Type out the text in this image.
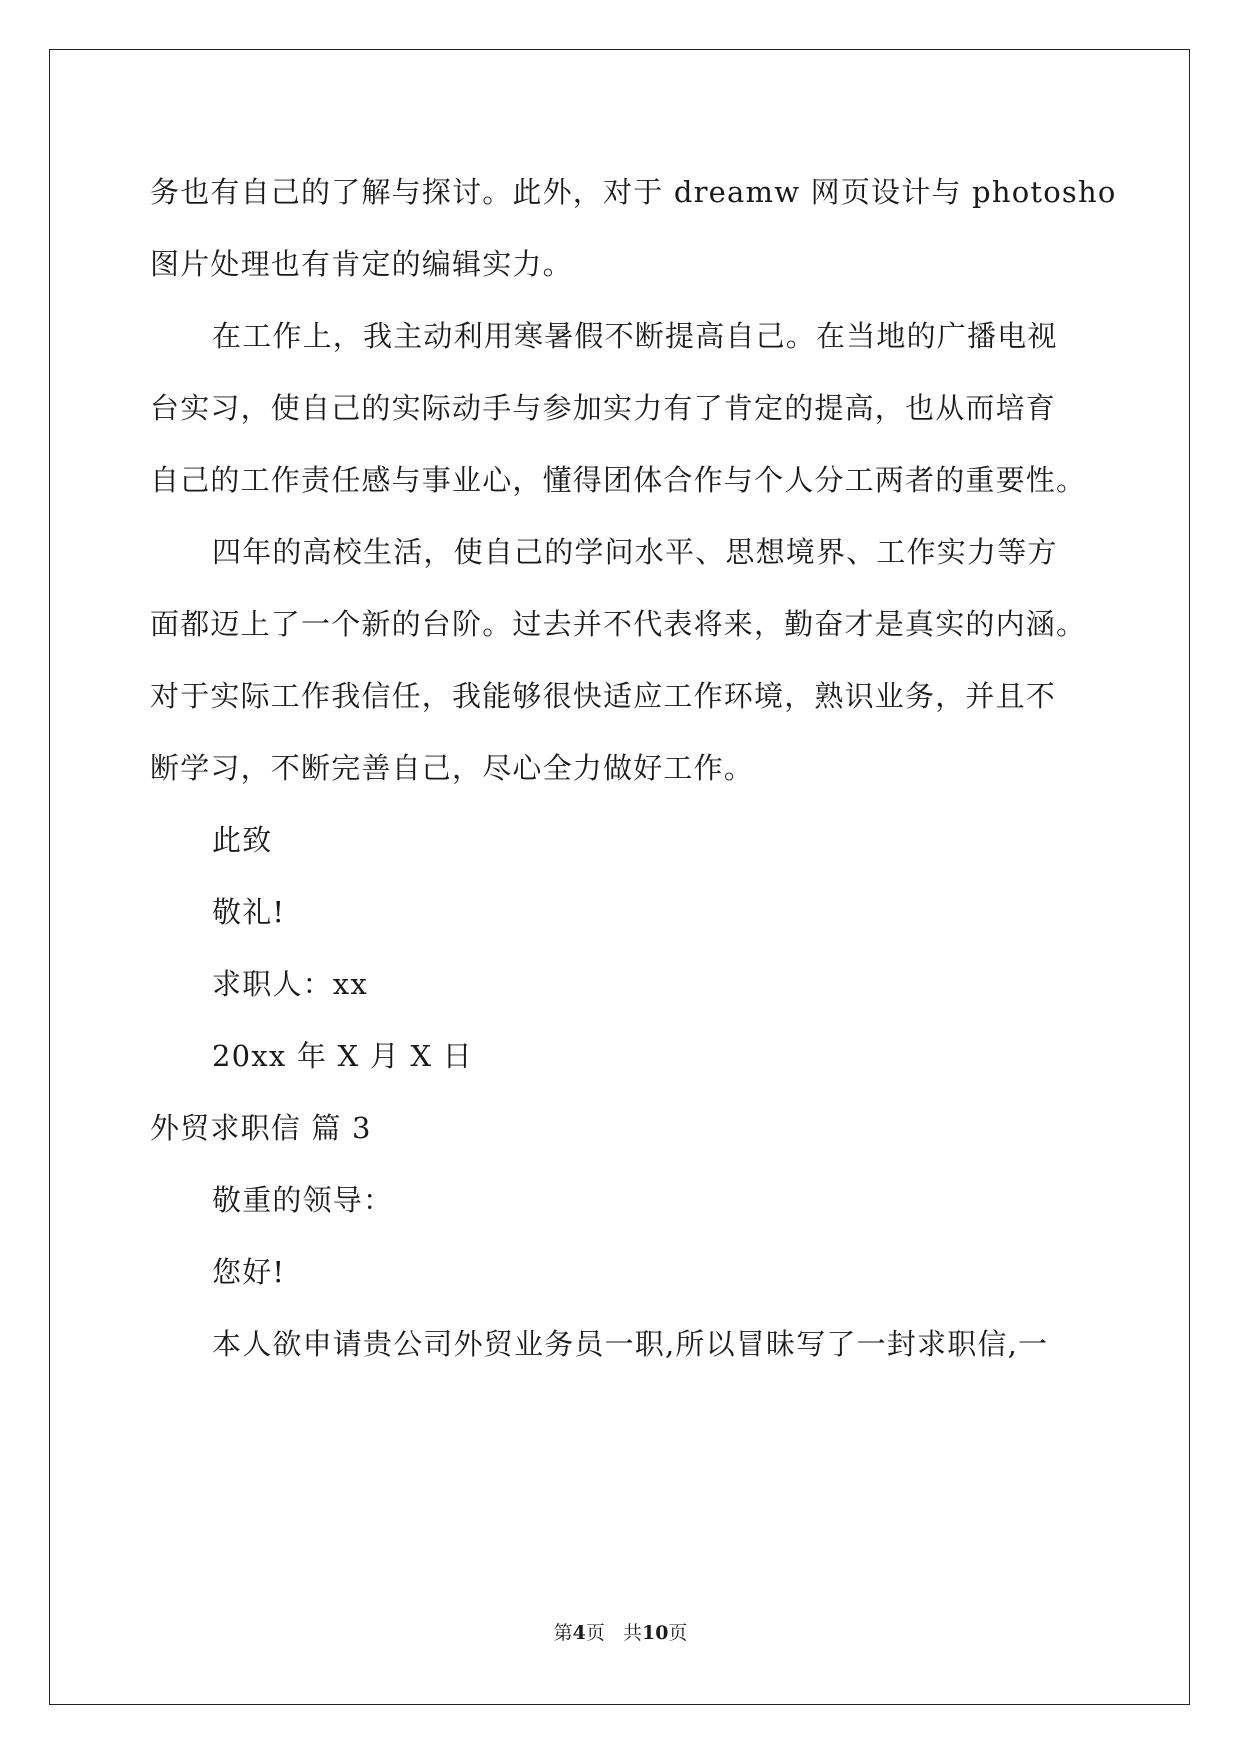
务也有自己的了解与探讨。此外，对于 dreamw 网页设计与 photosho
图片处理也有肯定的编辑实力。
在工作上，我主动利用寒暑假不断提高自己。在当地的广播电视
台实习，使自己的实际动手与参加实力有了肯定的提高，也从而培育
自己的工作责任感与事业心，懂得团体合作与个人分工两者的重要性。
四年的高校生活，使自己的学问水平、思想境界、工作实力等方
面都迈上了一个新的台阶。过去并不代表将来，勤奋才是真实的内涵。
对于实际工作我信任，我能够很快适应工作环境，熟识业务，并且不
断学习，不断完善自己，尽心全力做好工作。
此致
敬礼!
求职人：xx
20xx 年 X 月 X 日
外贸求职信 篇 3
敬重的领导：
您好!
本人欲申请贵公司外贸业务员一职,所以冒昧写了一封求职信,一
第4页 共10页
